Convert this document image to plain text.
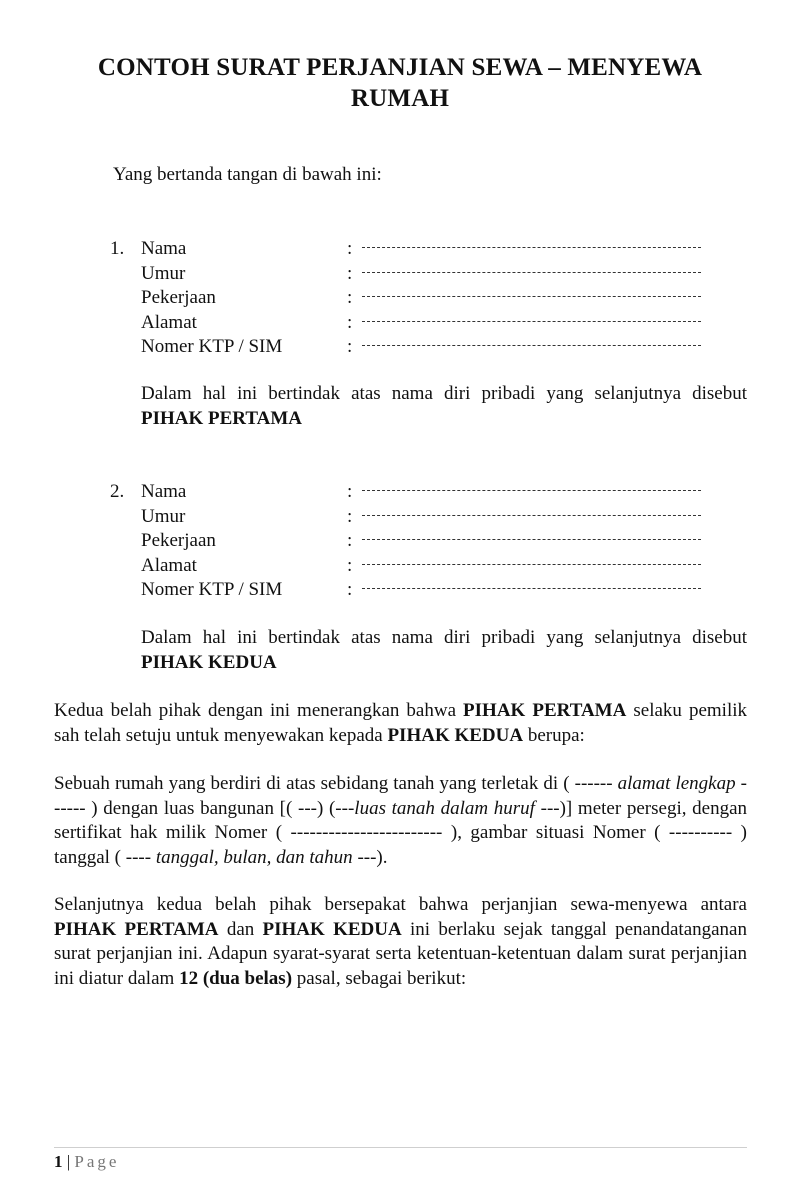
CONTOH SURAT PERJANJIAN SEWA – MENYEWA
RUMAH
Yang bertanda tangan di bawah ini:
1. Nama	:
Umur	:
Pekerjaan	:
Alamat	:
Nomer KTP / SIM	:
Dalam hal ini bertindak atas nama diri pribadi yang selanjutnya disebut PIHAK PERTAMA
2. Nama	:
Umur	:
Pekerjaan	:
Alamat	:
Nomer KTP / SIM	:
Dalam hal ini bertindak atas nama diri pribadi yang selanjutnya disebut PIHAK KEDUA
Kedua belah pihak dengan ini menerangkan bahwa PIHAK PERTAMA selaku pemilik sah telah setuju untuk menyewakan kepada PIHAK KEDUA berupa:
Sebuah rumah yang berdiri di atas sebidang tanah yang terletak di ( ------ alamat lengkap ------ ) dengan luas bangunan [( ---) (---luas tanah dalam huruf ---)] meter persegi, dengan sertifikat hak milik Nomer ( ------------------------ ), gambar situasi Nomer ( ---------- ) tanggal ( ---- tanggal, bulan, dan tahun ---).
Selanjutnya kedua belah pihak bersepakat bahwa perjanjian sewa-menyewa antara PIHAK PERTAMA dan PIHAK KEDUA ini berlaku sejak tanggal penandatanganan surat perjanjian ini. Adapun syarat-syarat serta ketentuan-ketentuan dalam surat perjanjian ini diatur dalam 12 (dua belas) pasal, sebagai berikut:
1 | Page
